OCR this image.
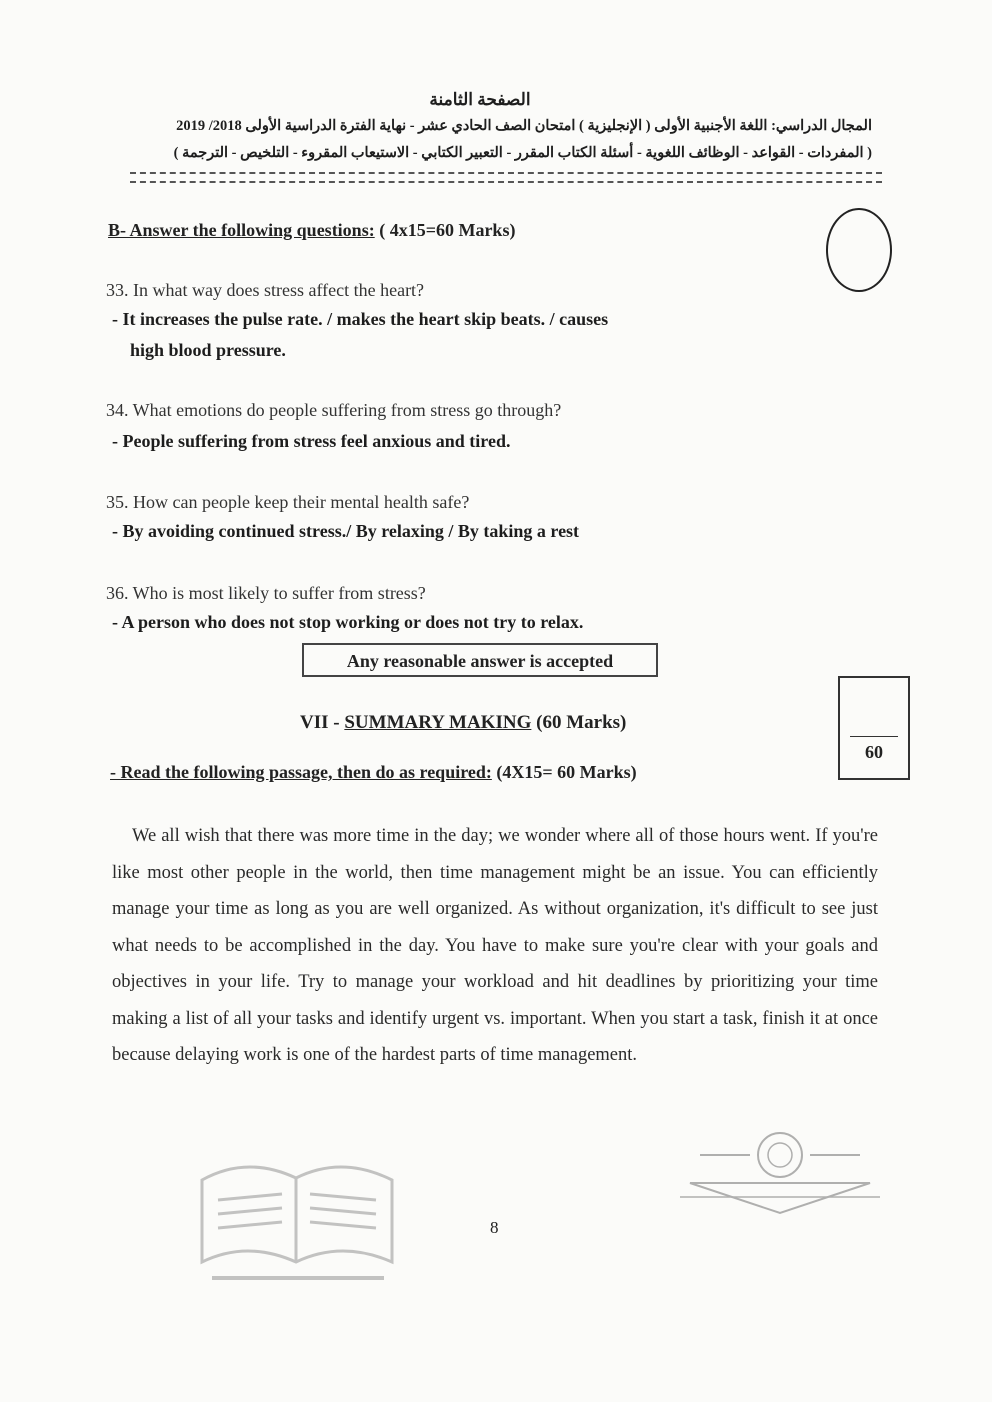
الصفحة الثامنة
المجال الدراسي: اللغة الأجنبية الأولى ( الإنجليزية ) امتحان الصف الحادي عشر - نهاية الفترة الدراسية الأولى 2018/ 2019
( المفردات - القواعد - الوظائف اللغوية - أسئلة الكتاب المقرر - التعبير الكتابي - الاستيعاب المقروء - التلخيص - الترجمة )
B- Answer the following questions: ( 4x15=60 Marks)
33. In what way does stress affect the heart?
- It increases the pulse rate. / makes the heart skip beats. / causes
high blood pressure.
34. What emotions do people suffering from stress go through?
- People suffering from stress feel anxious and tired.
35. How can people keep their mental health safe?
- By avoiding continued stress./ By relaxing / By taking a rest
36. Who is most likely to suffer from stress?
- A person who does not stop working or does not try to relax.
Any reasonable answer is accepted
VII - SUMMARY MAKING (60 Marks)
60
- Read the following passage, then do as required: (4X15= 60 Marks)
We all wish that there was more time in the day; we wonder where all of those hours went. If you're like most other people in the world, then time management might be an issue. You can efficiently manage your time as long as you are well organized. As without organization, it's difficult to see just what needs to be accomplished in the day. You have to make sure you're clear with your goals and objectives in your life. Try to manage your workload and hit deadlines by prioritizing your time making a list of all your tasks and identify urgent vs. important. When you start a task, finish it at once because delaying work is one of the hardest parts of time management.
8
